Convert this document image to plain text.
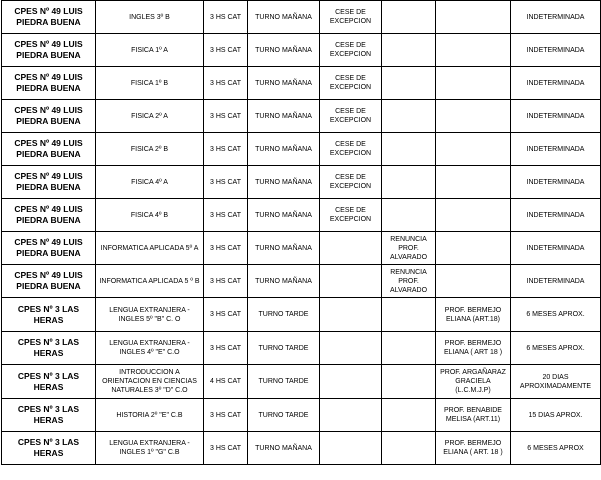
CPES Nº 49 LUIS PIEDRA BUENA	INGLES 3º B	3 HS CAT	TURNO MAÑANA	CESE DE EXCEPCION			INDETERMINADA
CPES Nº 49 LUIS PIEDRA BUENA	FISICA 1º A	3 HS CAT	TURNO MAÑANA	CESE DE EXCEPCION			INDETERMINADA
CPES Nº 49 LUIS PIEDRA BUENA	FISICA 1º B	3 HS CAT	TURNO MAÑANA	CESE DE EXCEPCION			INDETERMINADA
CPES Nº 49 LUIS PIEDRA BUENA	FISICA 2º A	3 HS CAT	TURNO MAÑANA	CESE DE EXCEPCION			INDETERMINADA
CPES Nº 49 LUIS PIEDRA BUENA	FISICA 2º B	3 HS CAT	TURNO MAÑANA	CESE DE EXCEPCION			INDETERMINADA
CPES Nº 49 LUIS PIEDRA BUENA	FISICA 4º A	3 HS CAT	TURNO MAÑANA	CESE DE EXCEPCION			INDETERMINADA
CPES Nº 49 LUIS PIEDRA BUENA	FISICA 4º B	3 HS CAT	TURNO MAÑANA	CESE DE EXCEPCION			INDETERMINADA
CPES Nº 49 LUIS PIEDRA BUENA	INFORMATICA APLICADA 5º A	3 HS CAT	TURNO MAÑANA		RENUNCIA PROF. ALVARADO		INDETERMINADA
CPES Nº 49 LUIS PIEDRA BUENA	INFORMATICA APLICADA 5 º B	3 HS CAT	TURNO MAÑANA		RENUNCIA PROF. ALVARADO		INDETERMINADA
CPES Nº 3 LAS HERAS	LENGUA EXTRANJERA - INGLES 5º "B" C. O	3 HS CAT	TURNO TARDE			PROF. BERMEJO ELIANA (ART.18)	6 MESES APROX.
CPES Nº 3 LAS HERAS	LENGUA EXTRANJERA - INGLES 4º "E" C.O	3 HS CAT	TURNO TARDE			PROF. BERMEJO ELIANA ( ART 18 )	6 MESES APROX.
CPES Nº 3 LAS HERAS	INTRODUCCION A ORIENTACION EN CIENCIAS NATURALES 3º "D" C.O	4 HS CAT	TURNO TARDE			PROF. ARGAÑARAZ GRACIELA (L.C.M.J.P)	20 DIAS APROXIMADAMENTE
CPES Nº 3 LAS HERAS	HISTORIA 2º "E" C.B	3 HS CAT	TURNO TARDE			PROF. BENABIDE MELISA (ART.11)	15 DIAS APROX.
CPES Nº 3 LAS HERAS	LENGUA EXTRANJERA - INGLES 1º "G" C.B	3 HS CAT	TURNO MAÑANA			PROF. BERMEJO ELIANA ( ART. 18 )	6 MESES APROX
